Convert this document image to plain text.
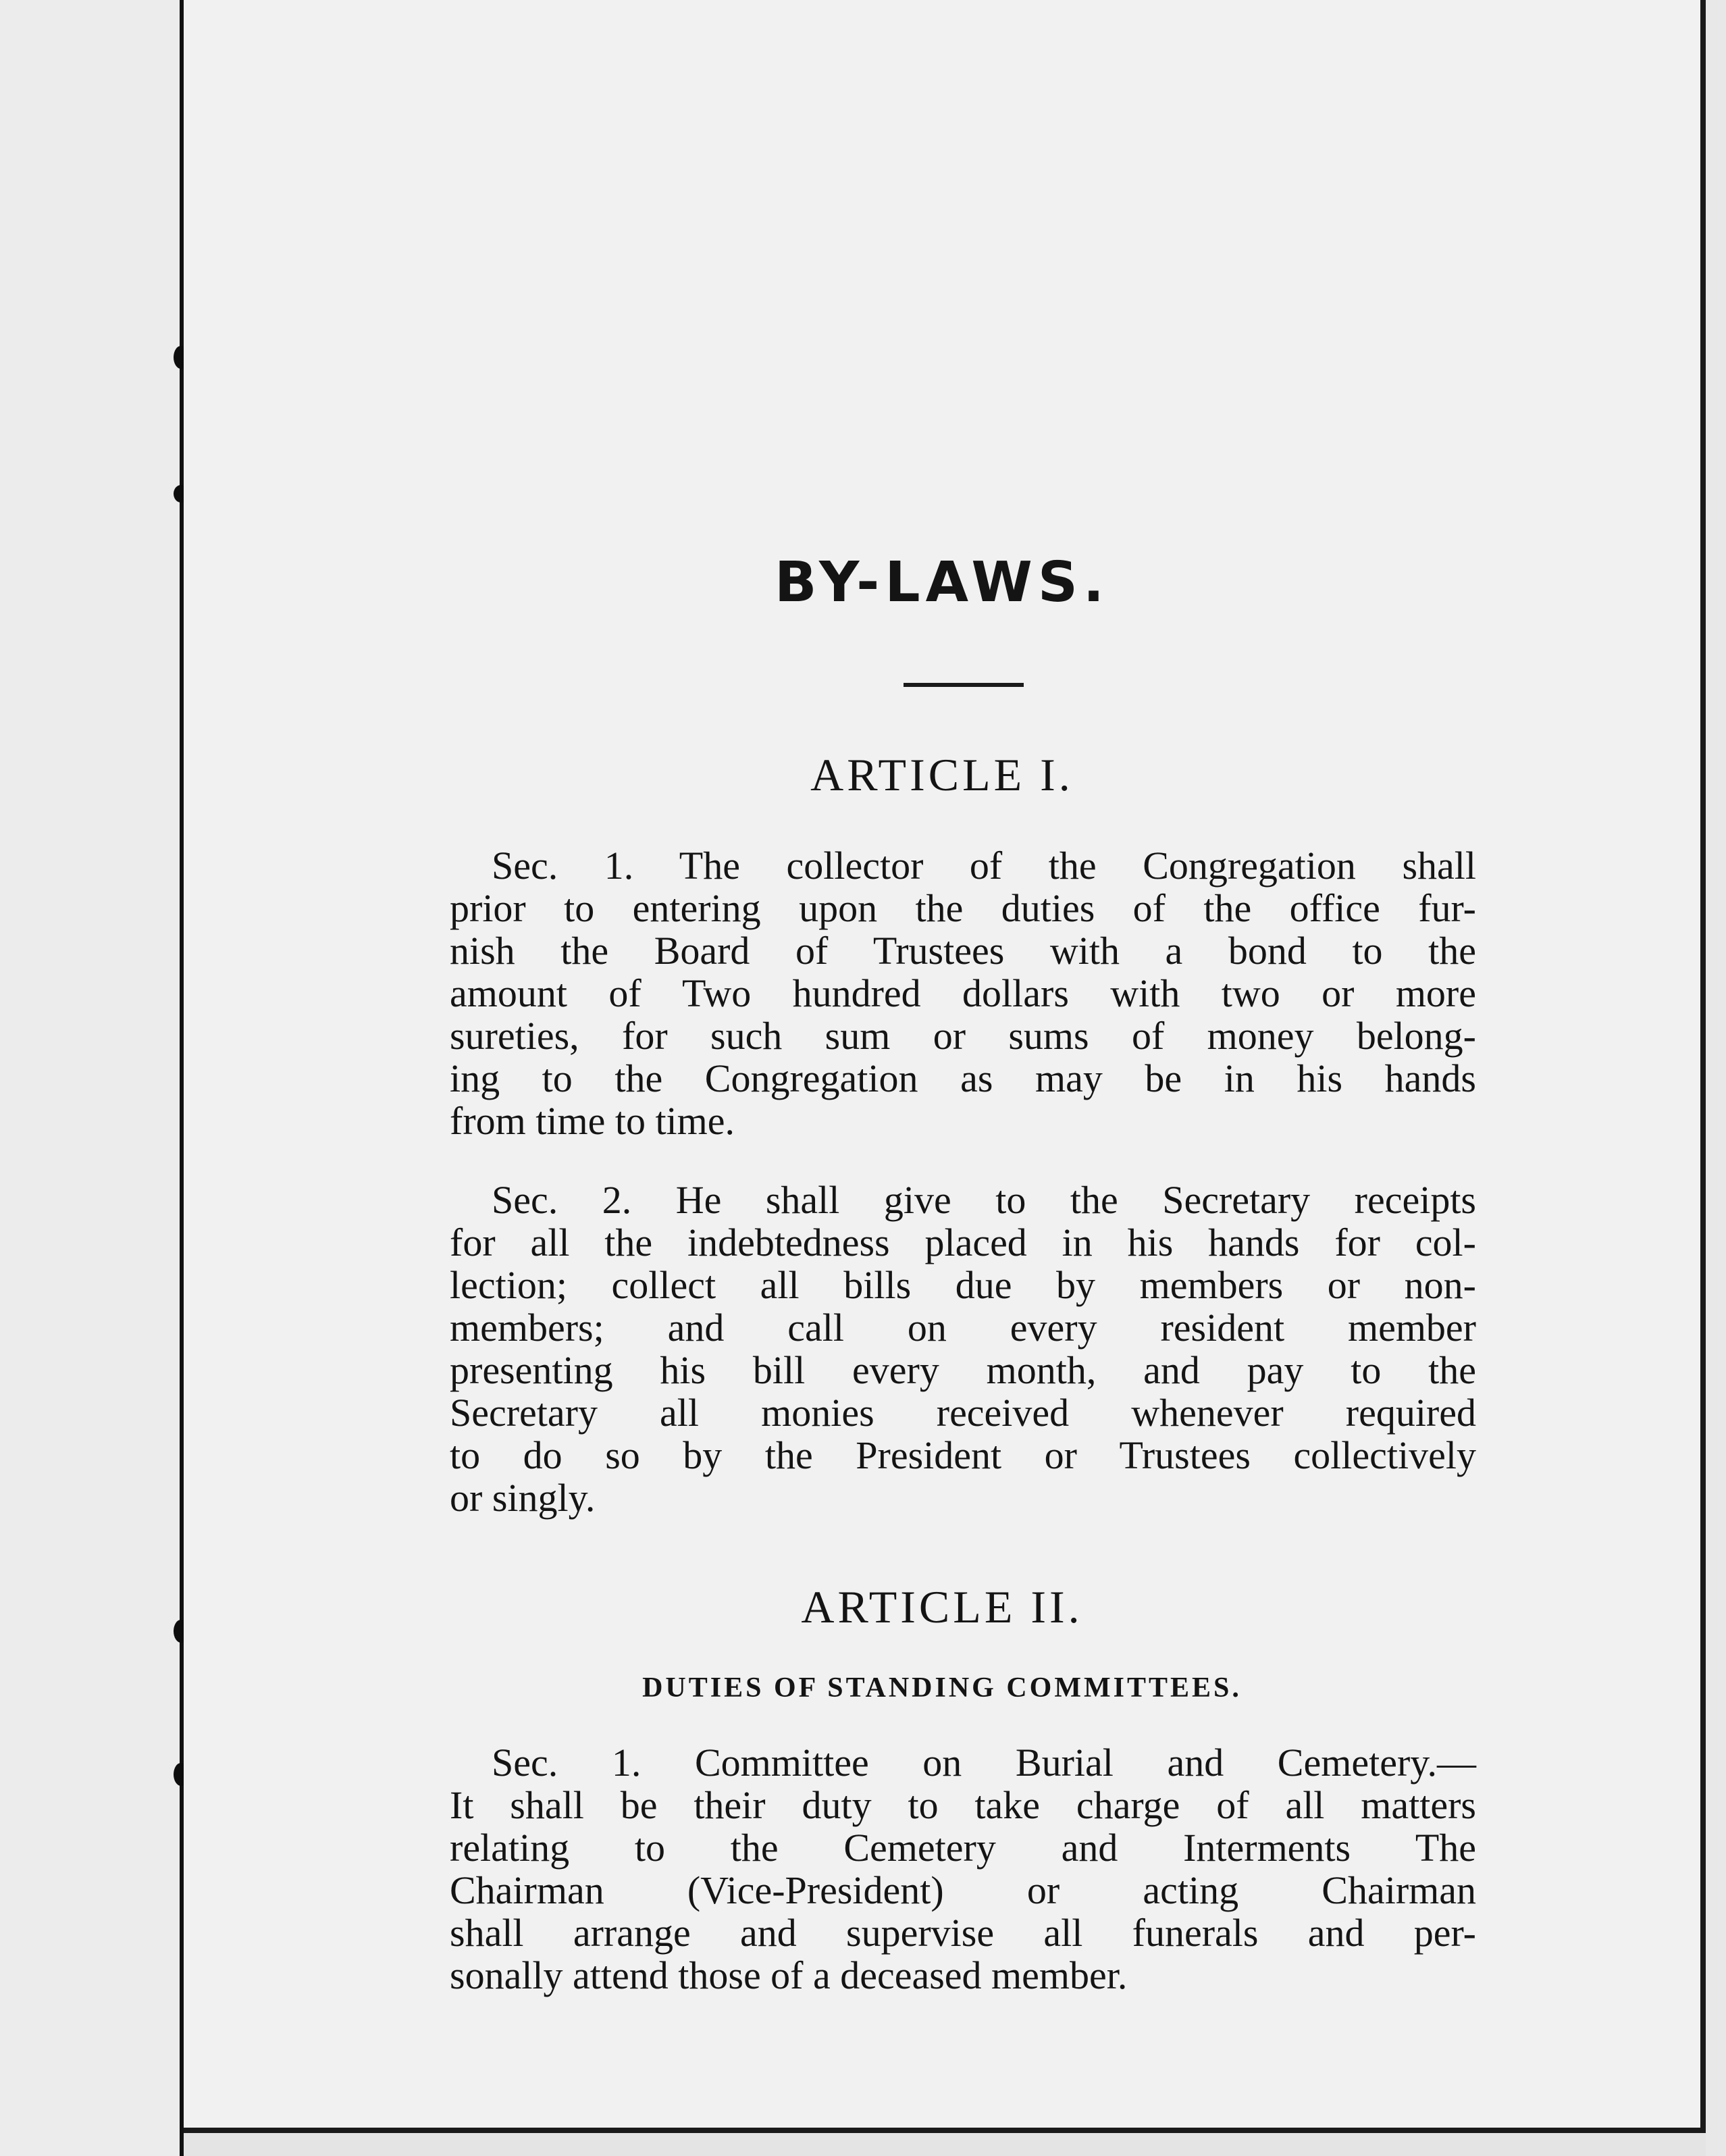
BY-LAWS.
ARTICLE I.

Sec. 1. The collector of the Congregation shall
prior to entering upon the duties of the office fur-
nish the Board of Trustees with a bond to the
amount of Two hundred dollars with two or more
sureties, for such sum or sums of money belong-
ing to the Congregation as may be in his hands
from time to time.

Sec. 2. He shall give to the Secretary receipts
for all the indebtedness placed in his hands for col-
lection; collect all bills due by members or non-
members; and call on every resident member
presenting his bill every month, and pay to the
Secretary all monies received whenever required
to do so by the President or Trustees collectively
or singly.

ARTICLE II.
DUTIES OF STANDING COMMITTEES.

Sec. 1. Committee on Burial and Cemetery.—
It shall be their duty to take charge of all matters
relating to the Cemetery and Interments The
Chairman (Vice-President) or acting Chairman
shall arrange and supervise all funerals and per-
sonally attend those of a deceased member.
